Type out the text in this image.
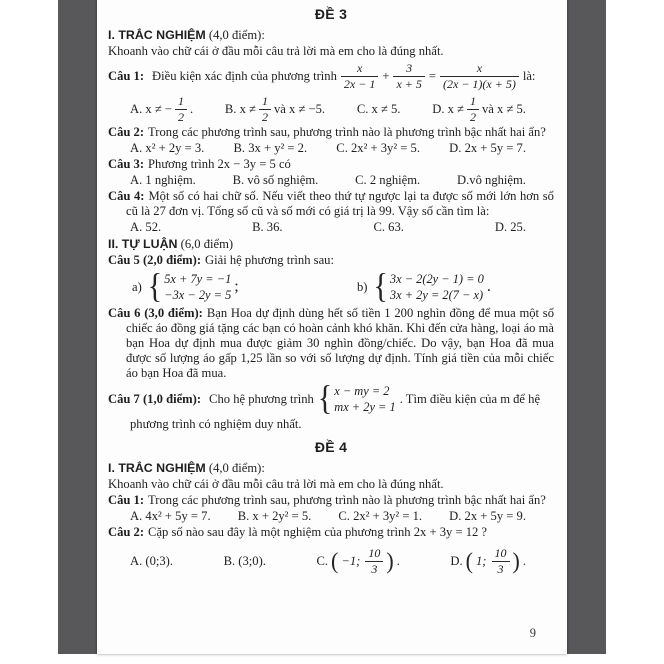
ĐỀ 3
I. TRẮC NGHIỆM (4,0 điểm):
Khoanh vào chữ cái ở đầu mỗi câu trả lời mà em cho là đúng nhất.
Câu 1: Điều kiện xác định của phương trình $\frac{x}{2x - 1} + \frac{3}{x + 5} = \frac{x}{(2x - 1)(x + 5)}$ là:
A. x ≠ − $\frac{1}{2}$ .	B. $x \ne \frac{1}{2}$ và x ≠ −5.	C. x ≠ 5.	D. $x \ne \frac{1}{2}$ và x ≠ 5.
Câu 2: Trong các phương trình sau, phương trình nào là phương trình bậc nhất hai ẩn?
A. x² + 2y = 3. B. 3x + y² = 2. C. 2x² + 3y² = 5. D. 2x + 5y = 7.
Câu 3: Phương trình 2x − 3y = 5 có
A. 1 nghiệm.	B. vô số nghiệm.	C. 2 nghiệm.	D.vô nghiệm.
Câu 4: Một số có hai chữ số. Nếu viết theo thứ tự ngược lại ta được số mới lớn hơn số cũ là 27 đơn vị. Tổng số cũ và số mới có giá trị là 99. Vậy số cần tìm là:
A. 52.	B. 36.	C. 63.	D. 25.
II. TỰ LUẬN (6,0 điểm)
Câu 5 (2,0 điểm): Giải hệ phương trình sau:
a) { 5x + 7y = −1
−3x − 2y = 5 ;	b) { 3x − 2(2y − 1) = 0
3x + 2y = 2(7 − x) .
Câu 6 (3,0 điểm): Bạn Hoa dự định dùng hết số tiền 1 200 nghìn đồng để mua một số chiếc áo đồng giá tặng các bạn có hoàn cảnh khó khăn. Khi đến cửa hàng, loại áo mà bạn Hoa dự định mua được giảm 30 nghìn đồng/chiếc. Do vậy, bạn Hoa đã mua được số lượng áo gấp 1,25 lần so với số lượng dự định. Tính giá tiền của mỗi chiếc áo bạn Hoa đã mua.
Câu 7 (1,0 điểm): Cho hệ phương trình { x − my = 2
mx + 2y = 1
. Tìm điều kiện của m để hệ
phương trình có nghiệm duy nhất.
ĐỀ 4
I. TRẮC NGHIỆM (4,0 điểm):
Khoanh vào chữ cái ở đầu mỗi câu trả lời mà em cho là đúng nhất.
Câu 1: Trong các phương trình sau, phương trình nào là phương trình bậc nhất hai ẩn?
A. 4x² + 5y = 7. B. x + 2y² = 5. C. 2x² + 3y² = 1. D. 2x + 5y = 9.
Câu 2: Cặp số nào sau đây là một nghiệm của phương trình 2x + 3y = 12 ?
A. (0;3).	B. (3;0).	C. ( −1; $\frac{10}{3}$ ) .	D. ( 1; $\frac{10}{3}$ ) .
9
